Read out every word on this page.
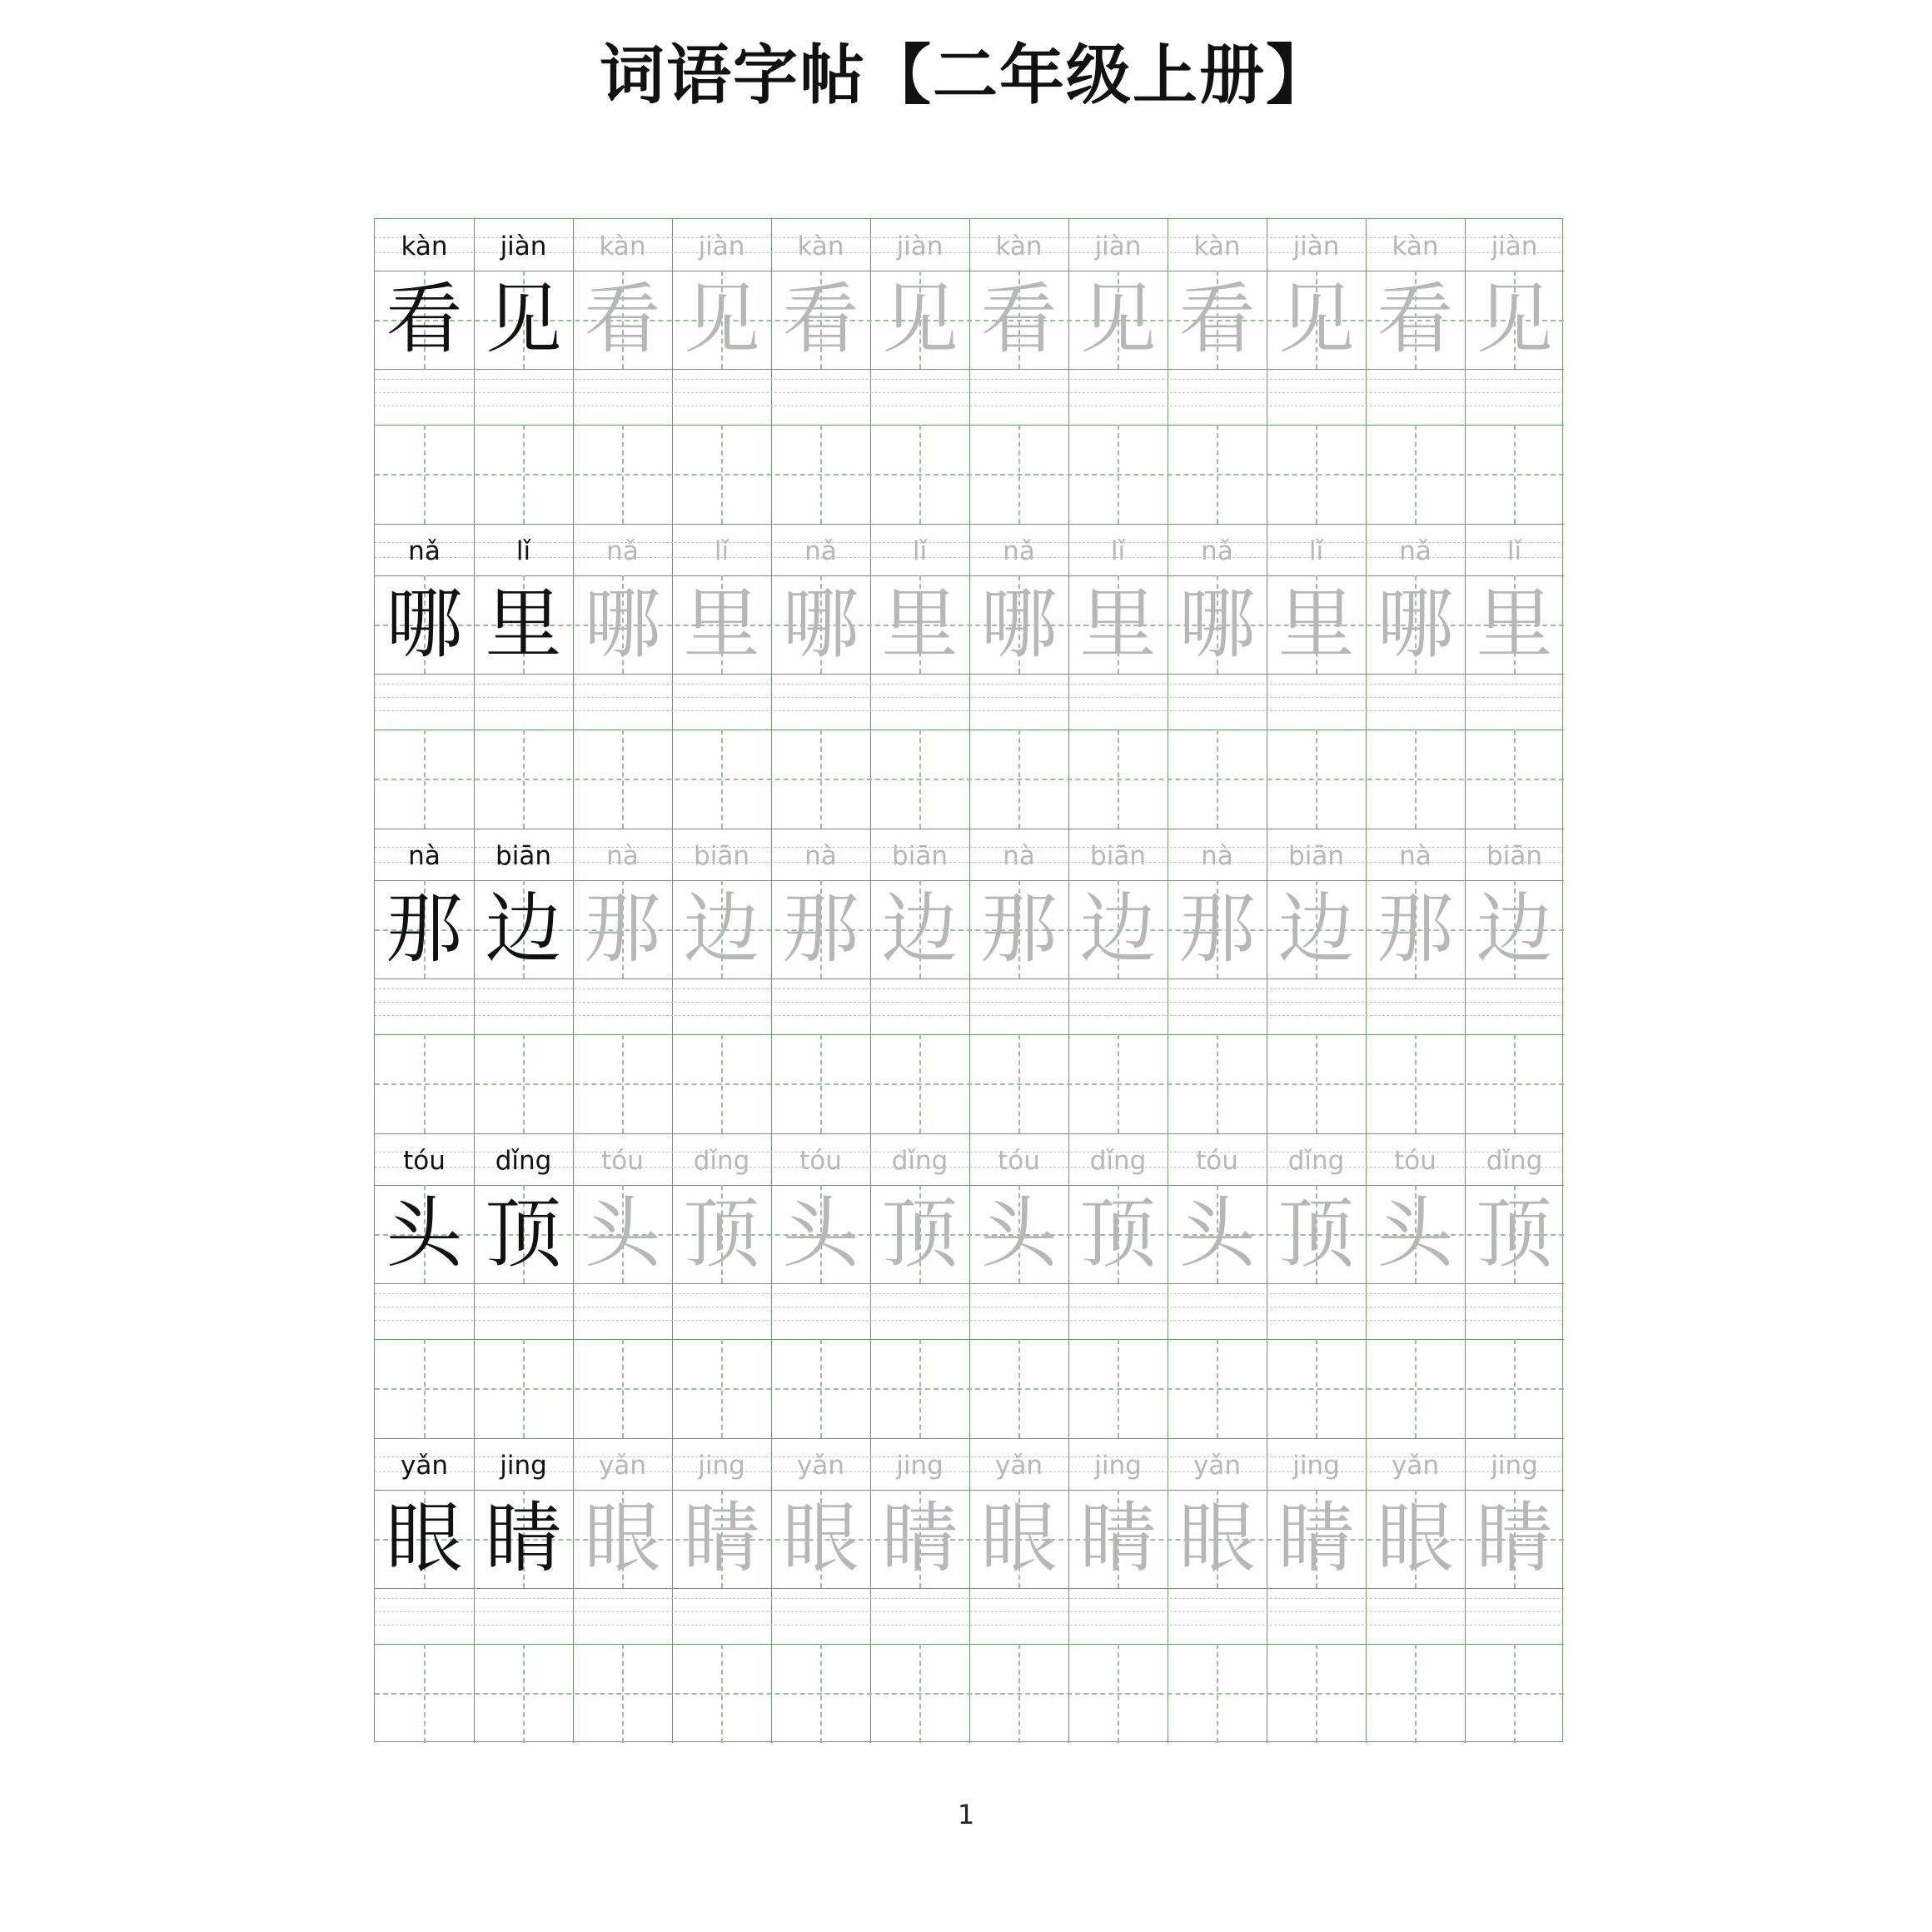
词语字帖【二年级上册】
kàn
看
jiàn
见
kàn
看
jiàn
见
kàn
看
jiàn
见
kàn
看
jiàn
见
kàn
看
jiàn
见
kàn
看
jiàn
见
nǎ
哪
lǐ
里
nǎ
哪
lǐ
里
nǎ
哪
lǐ
里
nǎ
哪
lǐ
里
nǎ
哪
lǐ
里
nǎ
哪
lǐ
里
nà
那
biān
边
nà
那
biān
边
nà
那
biān
边
nà
那
biān
边
nà
那
biān
边
nà
那
biān
边
tóu
头
dǐng
顶
tóu
头
dǐng
顶
tóu
头
dǐng
顶
tóu
头
dǐng
顶
tóu
头
dǐng
顶
tóu
头
dǐng
顶
yǎn
眼
jing
睛
yǎn
眼
jing
睛
yǎn
眼
jing
睛
yǎn
眼
jing
睛
yǎn
眼
jing
睛
yǎn
眼
jing
睛
1
